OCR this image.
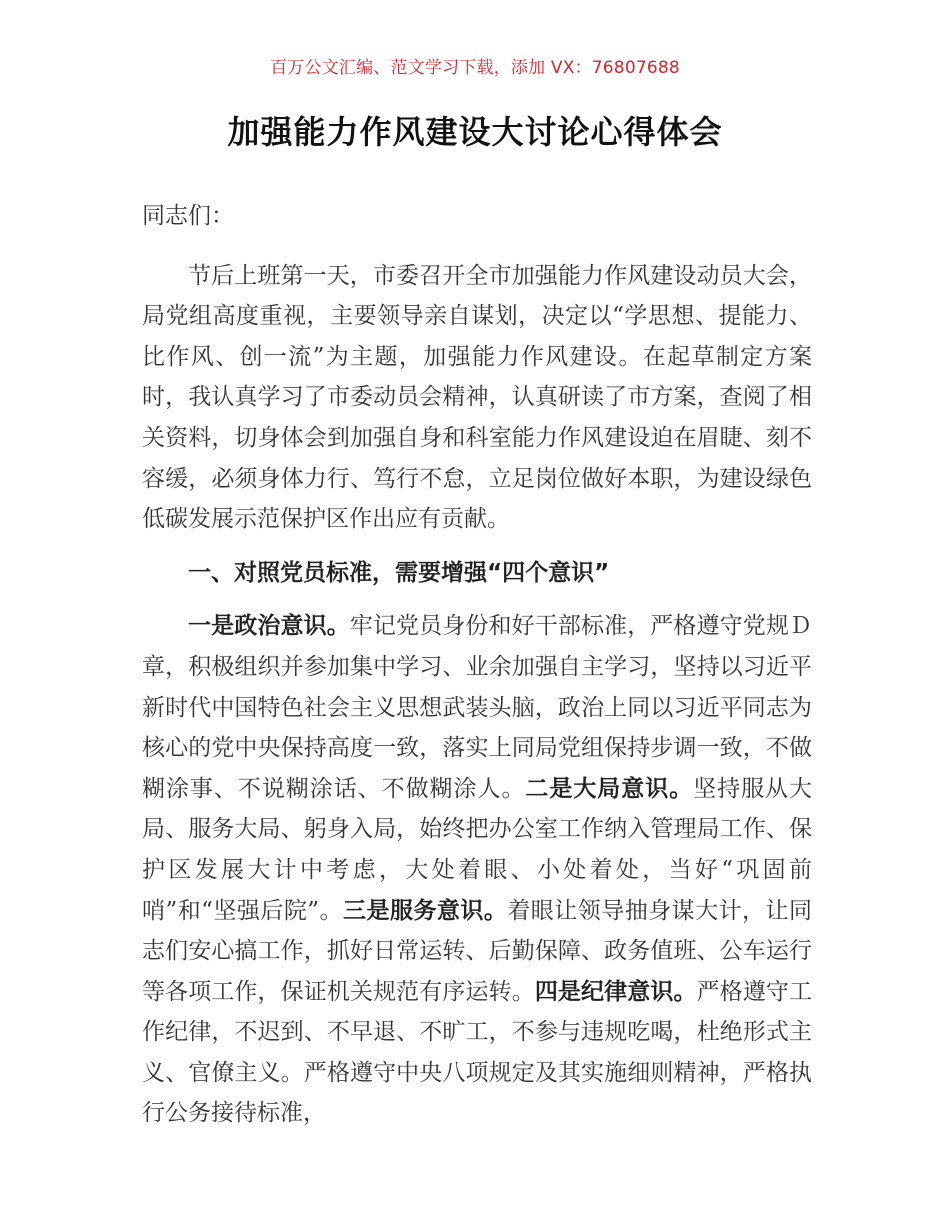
百万公文汇编、范文学习下载，添加 VX：76807688
加强能力作风建设大讨论心得体会

同志们：

节后上班第一天，市委召开全市加强能力作风建设动员大会，局党组高度重视，主要领导亲自谋划，决定以“学思想、提能力、比作风、创一流”为主题，加强能力作风建设。在起草制定方案时，我认真学习了市委动员会精神，认真研读了市方案，查阅了相关资料，切身体会到加强自身和科室能力作风建设迫在眉睫、刻不容缓，必须身体力行、笃行不怠，立足岗位做好本职，为建设绿色低碳发展示范保护区作出应有贡献。

一、对照党员标准，需要增强“四个意识”

一是政治意识。牢记党员身份和好干部标准，严格遵守党规Ｄ章，积极组织并参加集中学习、业余加强自主学习，坚持以习近平新时代中国特色社会主义思想武装头脑，政治上同以习近平同志为核心的党中央保持高度一致，落实上同局党组保持步调一致，不做糊涂事、不说糊涂话、不做糊涂人。二是大局意识。坚持服从大局、服务大局、躬身入局，始终把办公室工作纳入管理局工作、保护区发展大计中考虑，大处着眼、小处着处，当好“巩固前哨”和“坚强后院”。三是服务意识。着眼让领导抽身谋大计，让同志们安心搞工作，抓好日常运转、后勤保障、政务值班、公车运行等各项工作，保证机关规范有序运转。四是纪律意识。严格遵守工作纪律，不迟到、不早退、不旷工，不参与违规吃喝，杜绝形式主义、官僚主义。严格遵守中央八项规定及其实施细则精神，严格执行公务接待标准，
